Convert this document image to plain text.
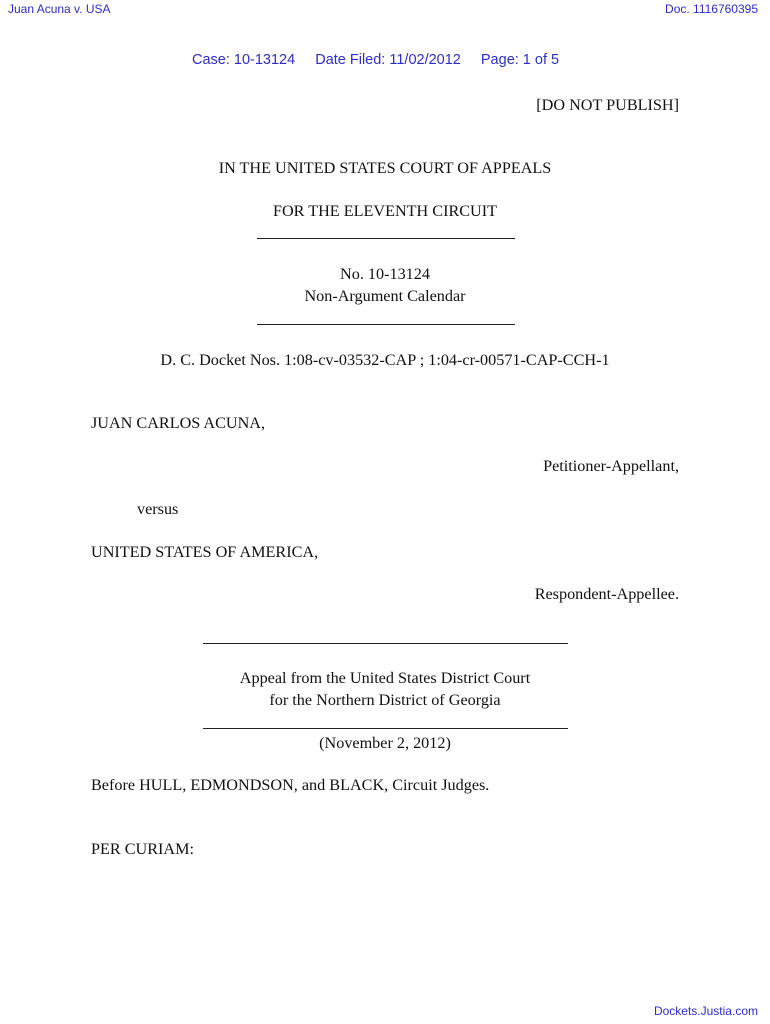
Juan Acuna v. USA	Doc. 1116760395
Case: 10-13124 Date Filed: 11/02/2012 Page: 1 of 5
[DO NOT PUBLISH]
IN THE UNITED STATES COURT OF APPEALS
FOR THE ELEVENTH CIRCUIT
No. 10-13124
Non-Argument Calendar
D. C. Docket Nos. 1:08-cv-03532-CAP ; 1:04-cr-00571-CAP-CCH-1
JUAN CARLOS ACUNA,
Petitioner-Appellant,
versus
UNITED STATES OF AMERICA,
Respondent-Appellee.
Appeal from the United States District Court
for the Northern District of Georgia
(November 2, 2012)
Before HULL, EDMONDSON, and BLACK, Circuit Judges.
PER CURIAM:
Dockets.Justia.com
